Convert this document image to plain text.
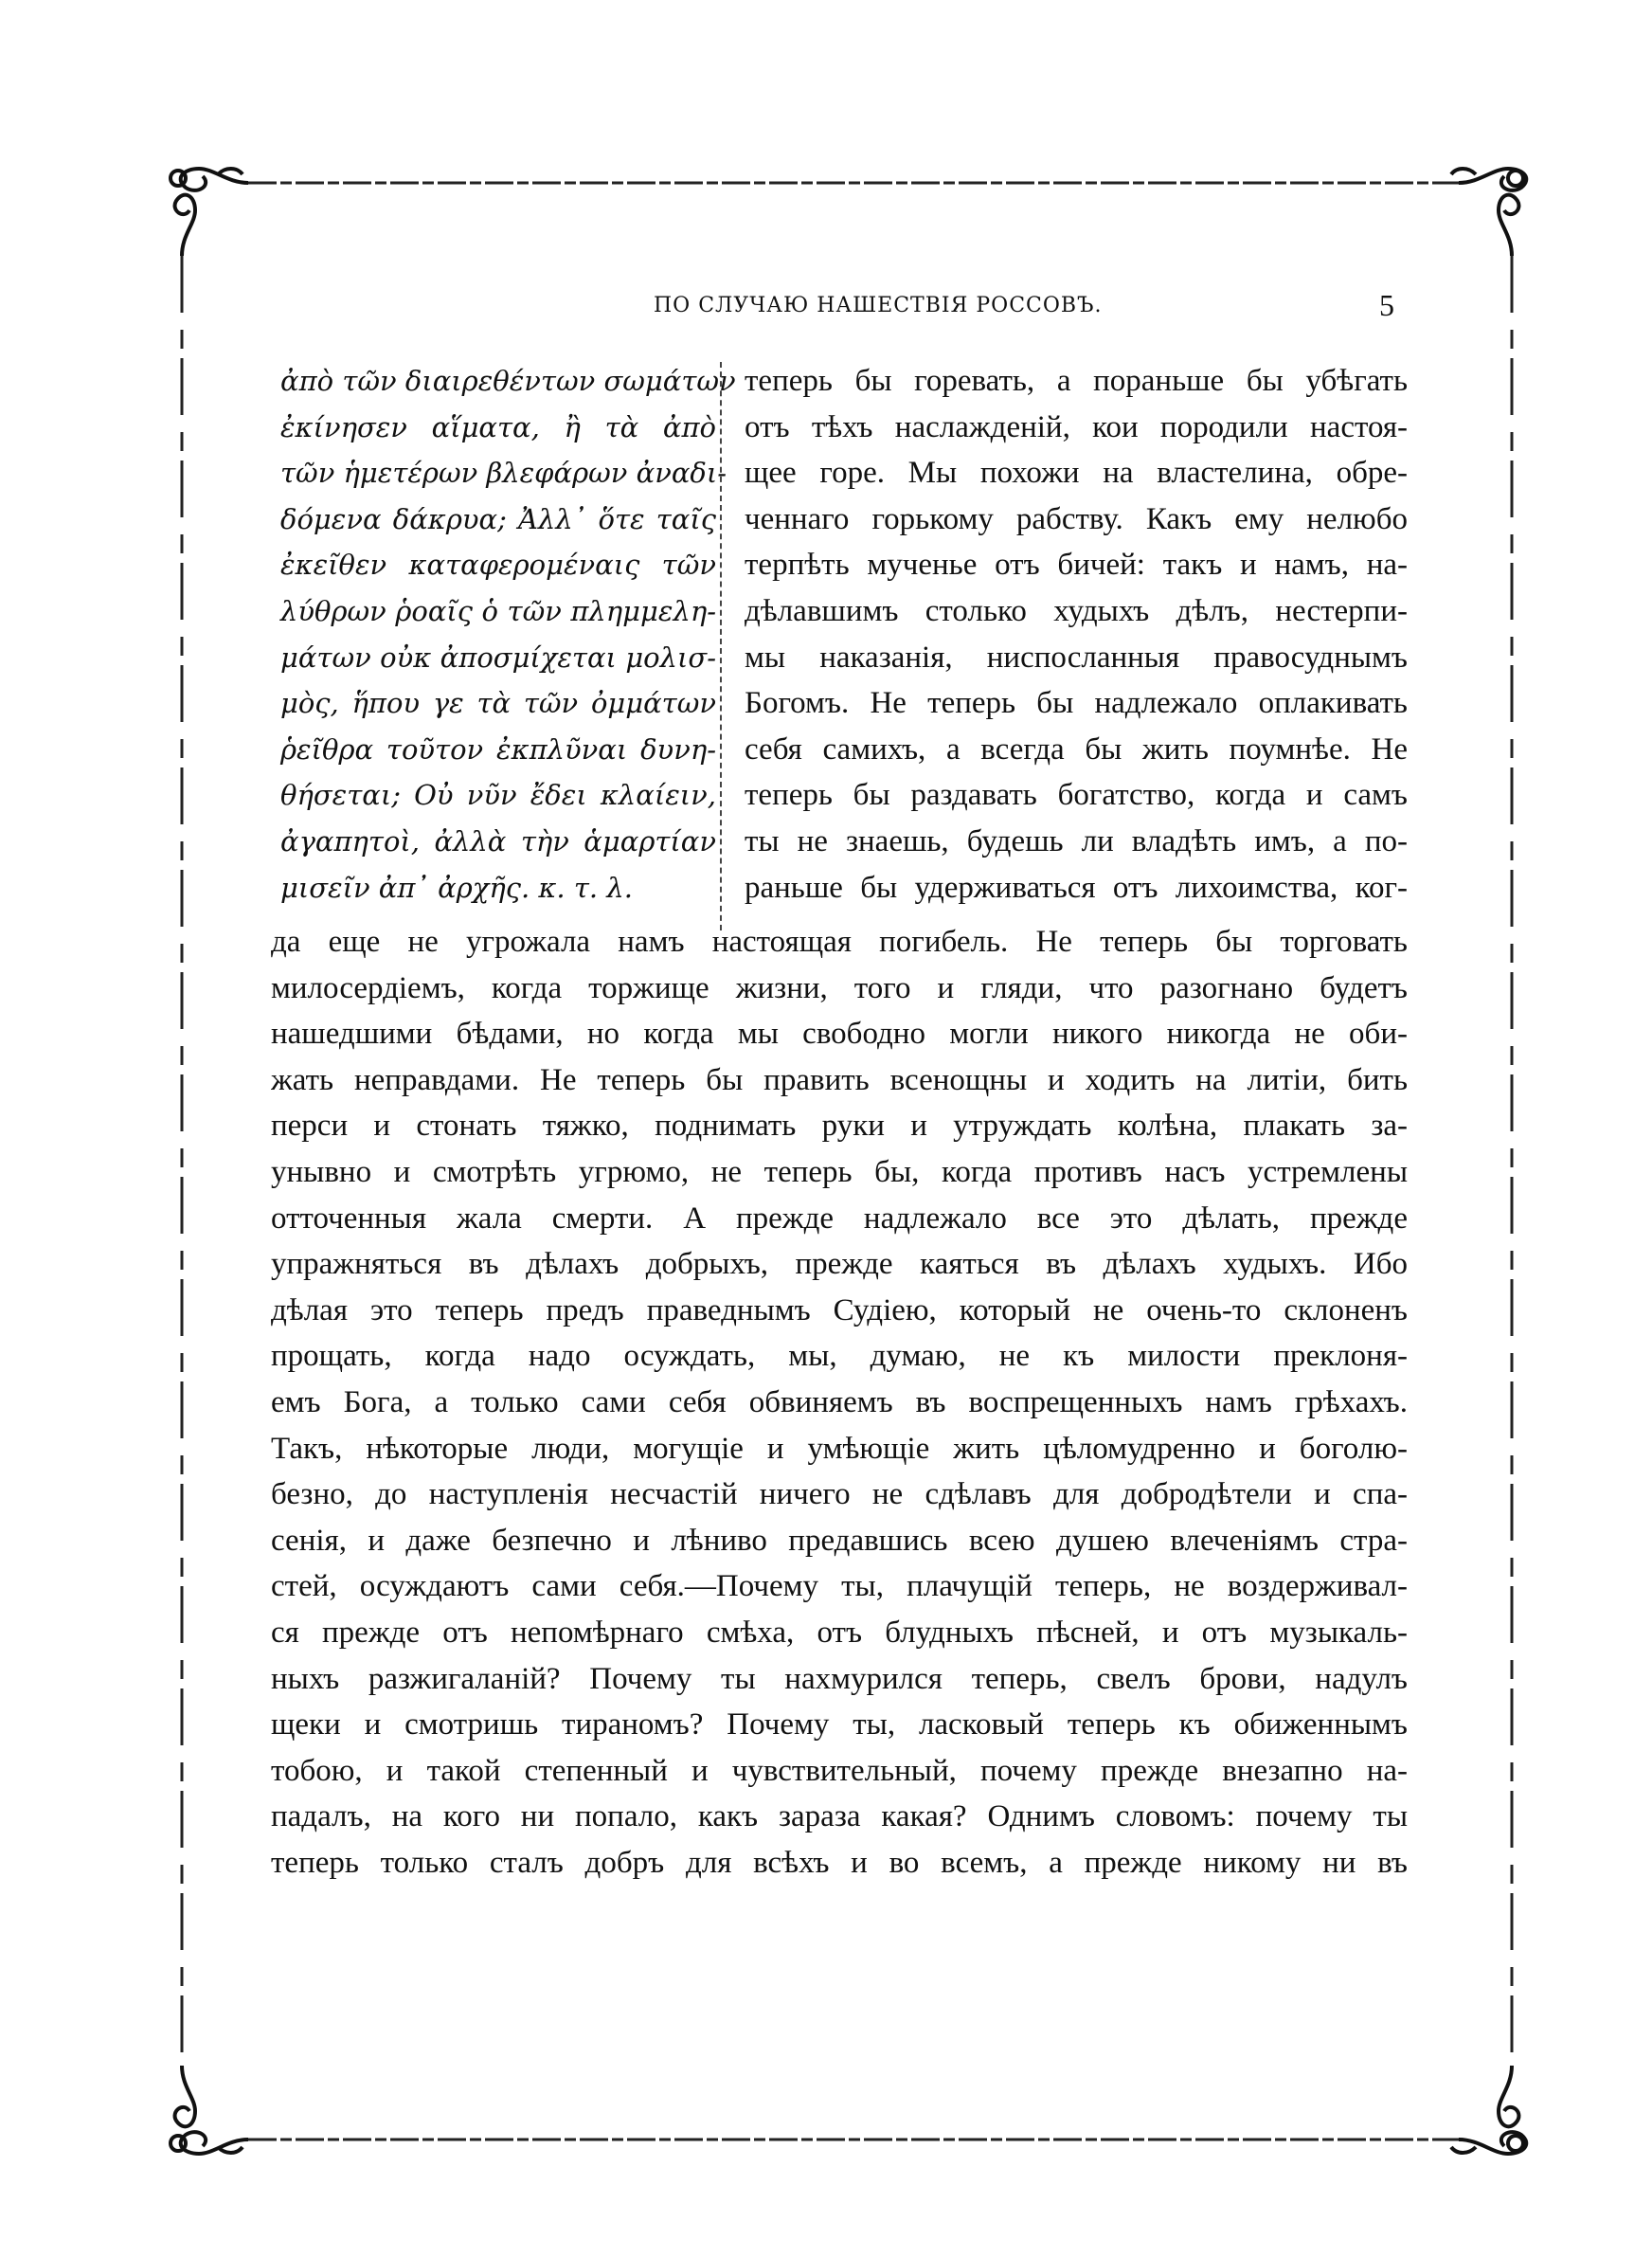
ПО СЛУЧАЮ НАШЕСТВІЯ РОССОВЪ.	5
ἀπὸ τῶν διαιρεθέντων σωμάτων
ἐκίνησεν αἵματα, ἢ τὰ ἀπὸ
τῶν ἡμετέρων βλεφάρων ἀναδι-
δόμενα δάκρυα; Ἀλλ᾽ ὅτε ταῖς
ἐκεῖθεν καταφερομέναις τῶν
λύθρων ῥοαῖς ὁ τῶν πλημμελη-
μάτων οὐκ ἀποσμίχεται μολισ-
μὸς, ἥπου γε τὰ τῶν ὀμμάτων
ῥεῖθρα τοῦτον ἐκπλῦναι δυνη-
θήσεται; Οὐ νῦν ἔδει κλαίειν,
ἀγαπητοὶ, ἀλλὰ τὴν ἁμαρτίαν
μισεῖν ἀπ᾽ ἀρχῆς. κ. τ. λ.
теперь бы горевать, а пораньше бы убѣгать
отъ тѣхъ наслажденій, кои породили настоя-
щее горе. Мы похожи на властелина, обре-
ченнаго горькому рабству. Какъ ему нелюбо
терпѣть мученье отъ бичей: такъ и намъ, на-
дѣлавшимъ столько худыхъ дѣлъ, нестерпи-
мы наказанія, ниспосланныя правосуднымъ
Богомъ. Не теперь бы надлежало оплакивать
себя самихъ, а всегда бы жить поумнѣе. Не
теперь бы раздавать богатство, когда и самъ
ты не знаешь, будешь ли владѣть имъ, а по-
раньше бы удерживаться отъ лихоимства, ког-
да еще не угрожала намъ настоящая погибель. Не теперь бы торговать
милосердіемъ, когда торжище жизни, того и гляди, что разогнано будетъ
нашедшими бѣдами, но когда мы свободно могли никого никогда не оби-
жать неправдами. Не теперь бы править всенощны и ходить на литіи, бить
перси и стонать тяжко, поднимать руки и утруждать колѣна, плакать за-
унывно и смотрѣть угрюмо, не теперь бы, когда противъ насъ устремлены
отточенныя жала смерти. А прежде надлежало все это дѣлать, прежде
упражняться въ дѣлахъ добрыхъ, прежде каяться въ дѣлахъ худыхъ. Ибо
дѣлая это теперь предъ праведнымъ Судіею, который не очень-то склоненъ
прощать, когда надо осуждать, мы, думаю, не къ милости преклоня-
емъ Бога, а только сами себя обвиняемъ въ воспрещенныхъ намъ грѣхахъ.
Такъ, нѣкоторые люди, могущіе и умѣющіе жить цѣломудренно и боголю-
безно, до наступленія несчастій ничего не сдѣлавъ для добродѣтели и спа-
сенія, и даже безпечно и лѣниво предавшись всею душею влеченіямъ стра-
стей, осуждаютъ сами себя.—Почему ты, плачущій теперь, не воздерживал-
ся прежде отъ непомѣрнаго смѣха, отъ блудныхъ пѣсней, и отъ музыкаль-
ныхъ разжигаланій? Почему ты нахмурился теперь, свелъ брови, надулъ
щеки и смотришь тираномъ? Почему ты, ласковый теперь къ обиженнымъ
тобою, и такой степенный и чувствительный, почему прежде внезапно на-
падалъ, на кого ни попало, какъ зараза какая? Однимъ словомъ: почему ты
теперь только сталъ добръ для всѣхъ и во всемъ, а прежде никому ни въ
